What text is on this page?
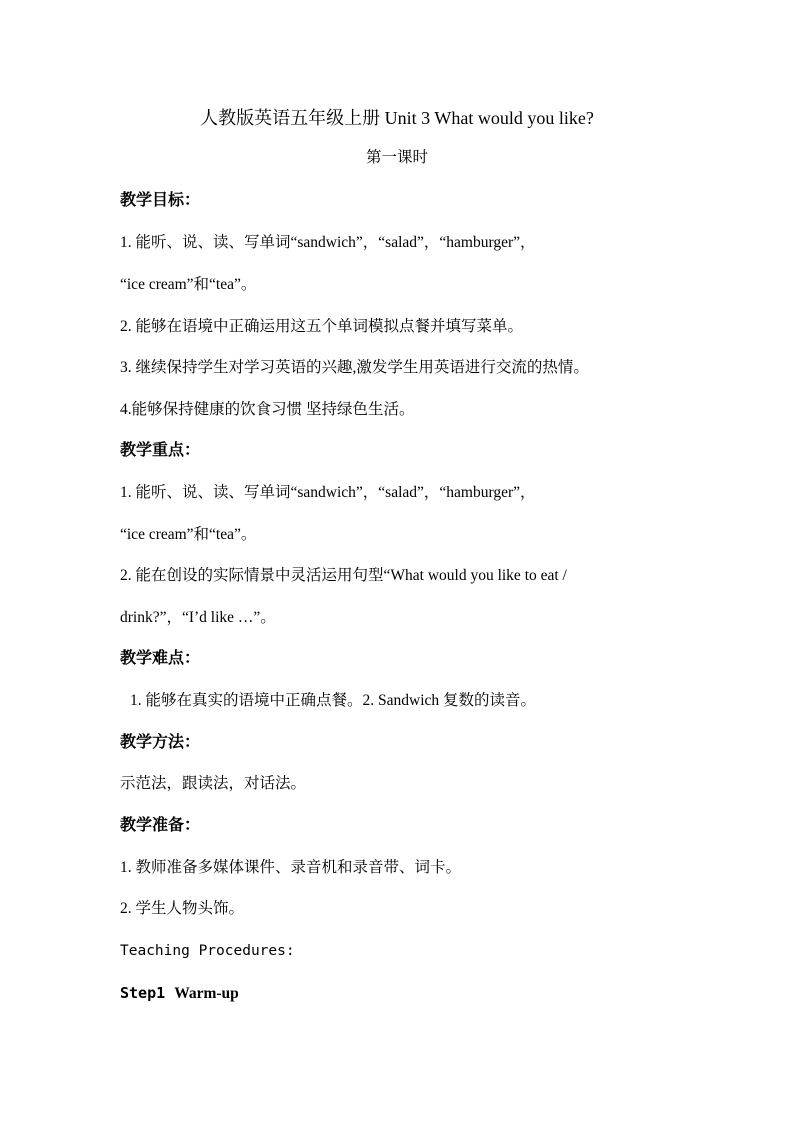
人教版英语五年级上册 Unit 3 What would you like?
第一课时
教学目标：
1. 能听、说、读、写单词“sandwich”，“salad”，“hamburger”，
“ice cream”和“tea”。
2. 能够在语境中正确运用这五个单词模拟点餐并填写菜单。
3. 继续保持学生对学习英语的兴趣,激发学生用英语进行交流的热情。
4.能够保持健康的饮食习惯 坚持绿色生活。
教学重点：
1. 能听、说、读、写单词“sandwich”，“salad”，“hamburger”，
“ice cream”和“tea”。
2. 能在创设的实际情景中灵活运用句型“What would you like to eat /
drink?”，“I’d like …”。
教学难点：
1. 能够在真实的语境中正确点餐。2. Sandwich 复数的读音。
教学方法：
示范法，跟读法，对话法。
教学准备：
1. 教师准备多媒体课件、录音机和录音带、词卡。
2. 学生人物头饰。
Teaching Procedures:
Step1 Warm-up
